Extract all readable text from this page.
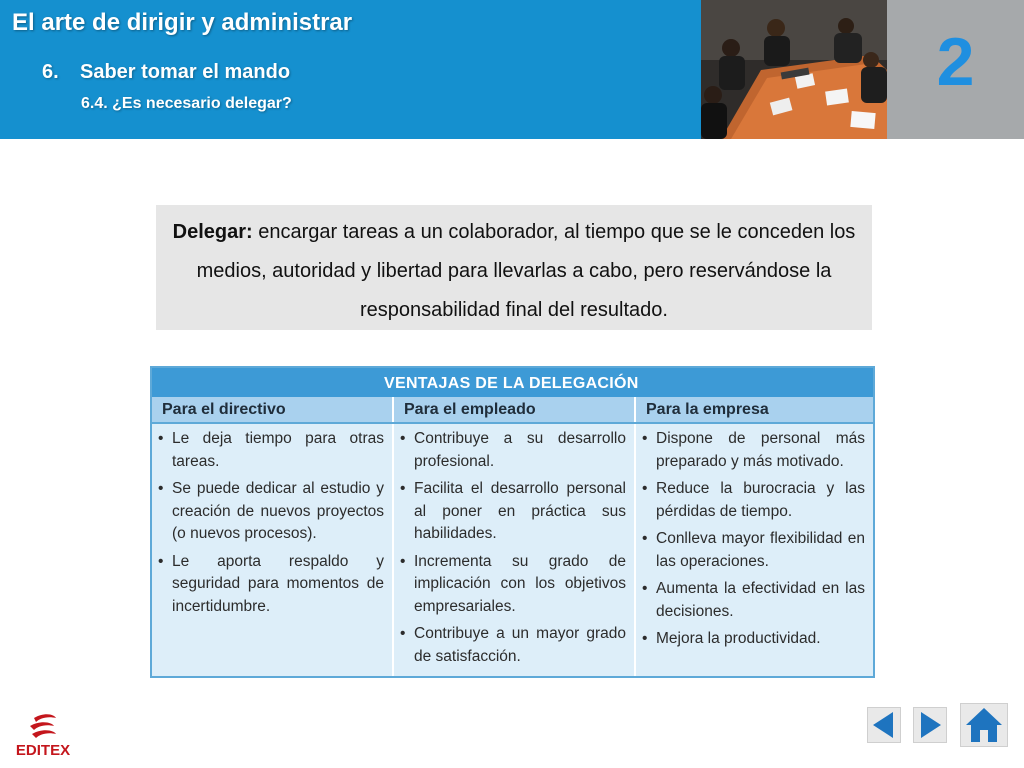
El arte de dirigir y administrar
6. Saber tomar el mando
6.4. ¿Es necesario delegar?
2
Delegar: encargar tareas a un colaborador, al tiempo que se le conceden los medios, autoridad y libertad para llevarlas a cabo, pero reservándose la responsabilidad final del resultado.
VENTAJAS DE LA DELEGACIÓN
Para el directivo	Para el empleado	Para la empresa
• Le deja tiempo para otras tareas.
• Se puede dedicar al estudio y creación de nuevos proyectos (o nuevos procesos).
• Le aporta respaldo y seguridad para momentos de incertidumbre.
• Contribuye a su desarrollo profesional.
• Facilita el desarrollo personal al poner en práctica sus habilidades.
• Incrementa su grado de implicación con los objetivos empresariales.
• Contribuye a un mayor grado de satisfacción.
• Dispone de personal más preparado y más motivado.
• Reduce la burocracia y las pérdidas de tiempo.
• Conlleva mayor flexibilidad en las operaciones.
• Aumenta la efectividad en las decisiones.
• Mejora la productividad.
EDITEX
